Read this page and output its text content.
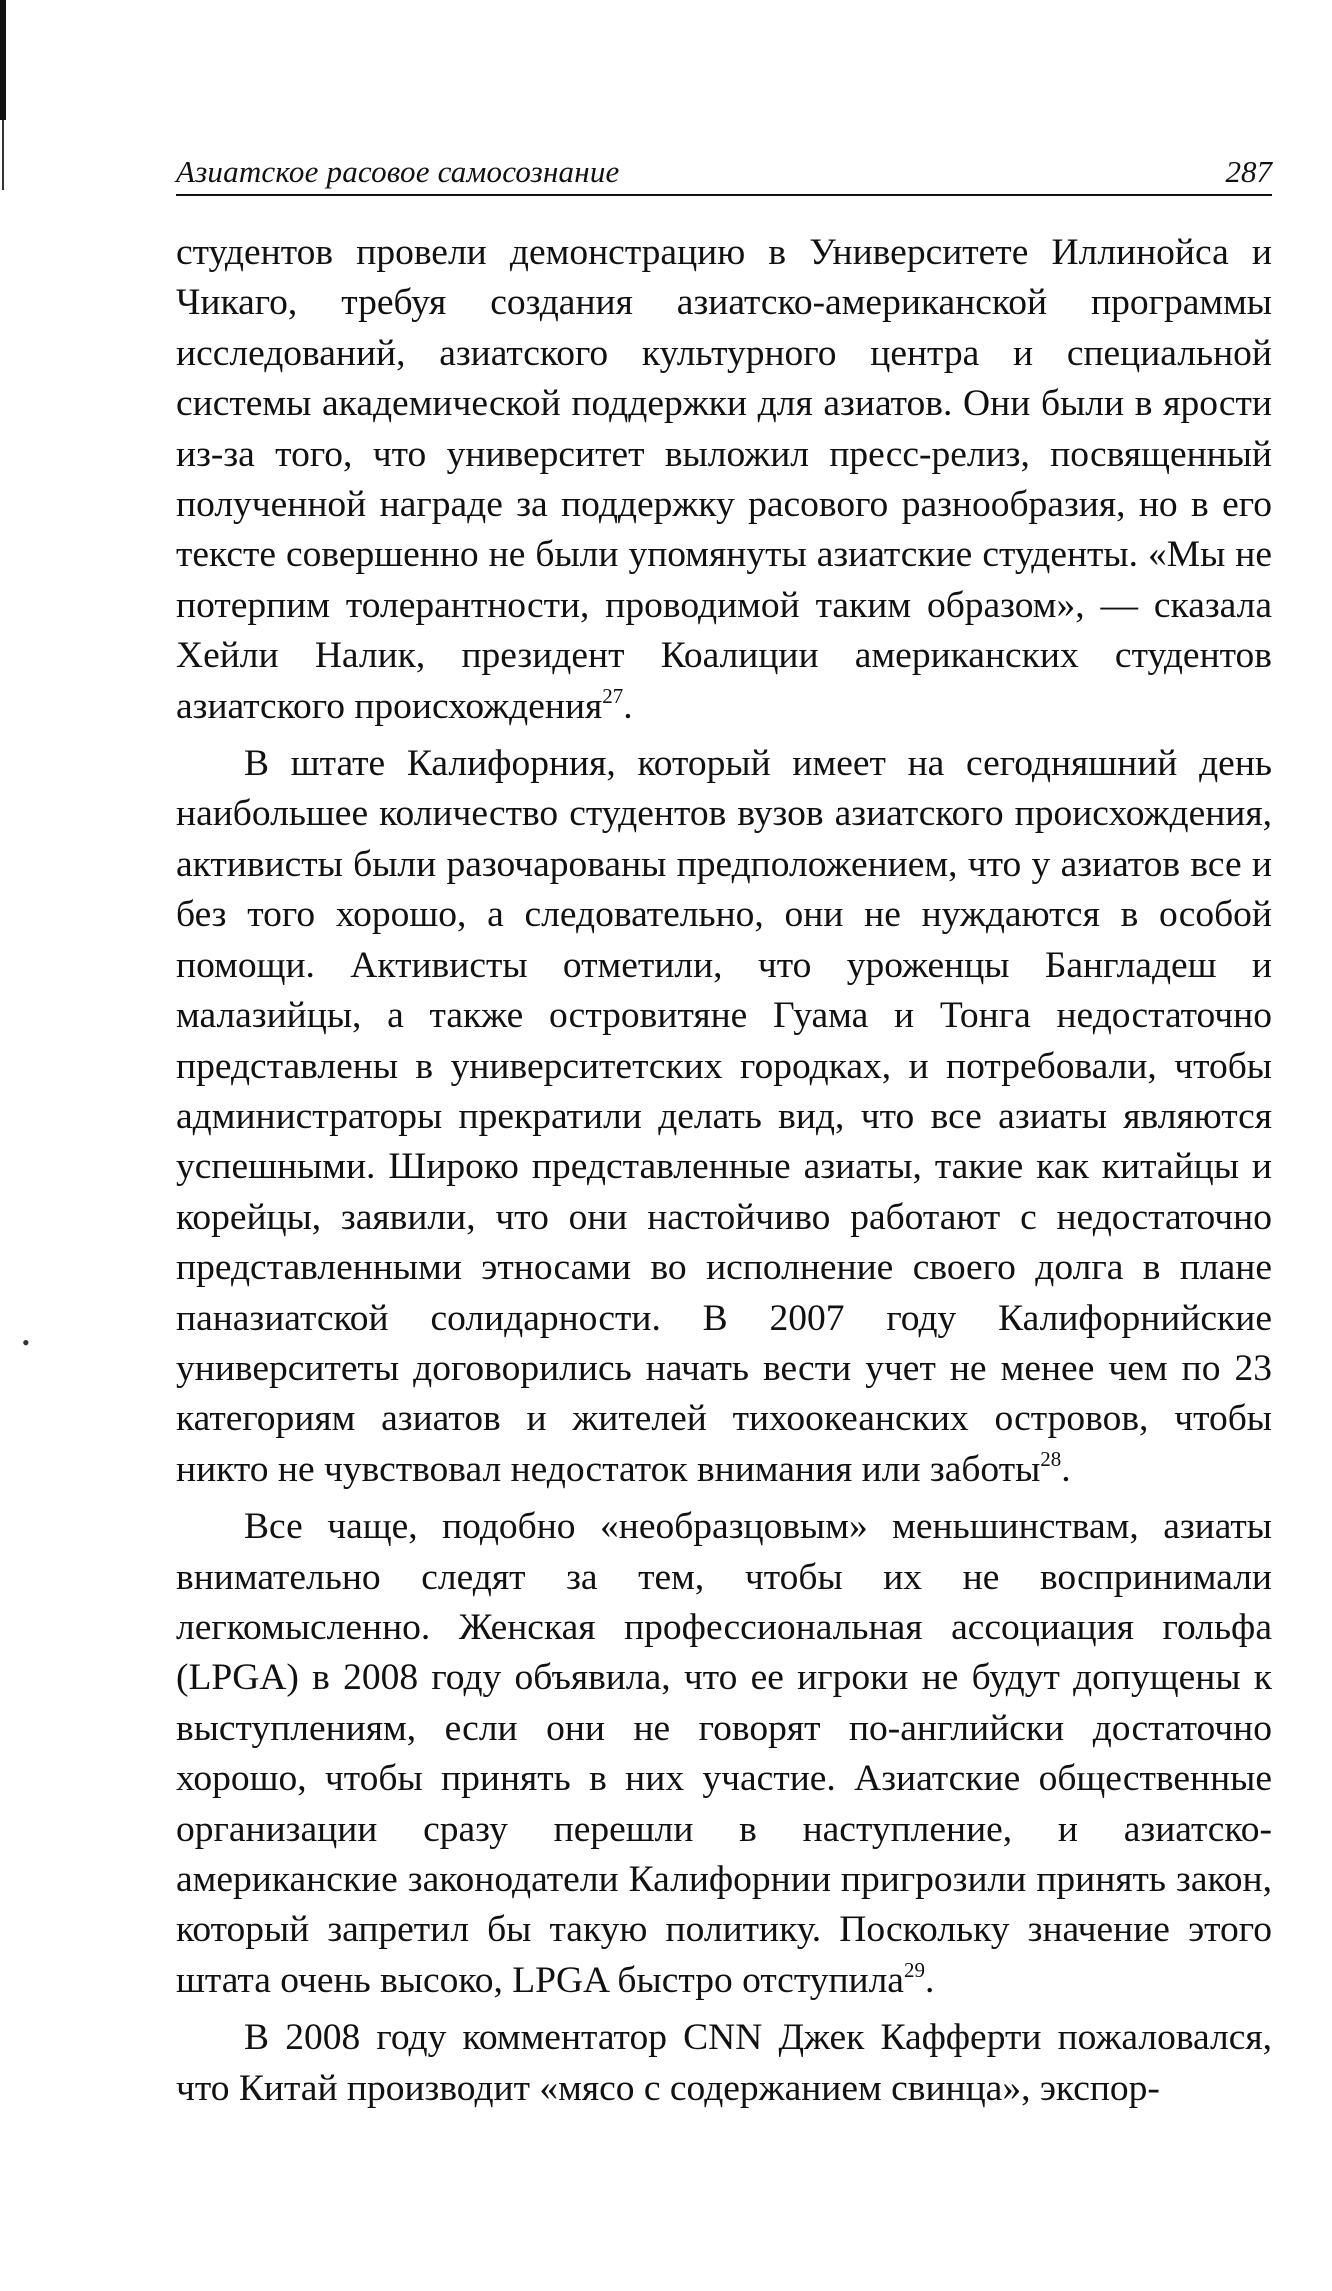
Азиатское расовое самосознание	287
•

студентов провели демонстрацию в Университете Иллинойса и Чикаго, требуя создания азиатско-американской программы исследований, азиатского культурного центра и специальной системы академической поддержки для азиатов. Они были в ярости из-за того, что университет выложил пресс-релиз, посвященный полученной награде за поддержку расового разнообразия, но в его тексте совершенно не были упомянуты азиатские студенты. «Мы не потерпим толерантности, проводимой таким образом», — сказала Хейли Налик, президент Коалиции американских студентов азиатского происхождения$^{27}$.

В штате Калифорния, который имеет на сегодняшний день наибольшее количество студентов вузов азиатского происхождения, активисты были разочарованы предположением, что у азиатов все и без того хорошо, а следовательно, они не нуждаются в особой помощи. Активисты отметили, что уроженцы Бангладеш и малазийцы, а также островитяне Гуама и Тонга недостаточно представлены в университетских городках, и потребовали, чтобы администраторы прекратили делать вид, что все азиаты являются успешными. Широко представленные азиаты, такие как китайцы и корейцы, заявили, что они настойчиво работают с недостаточно представленными этносами во исполнение своего долга в плане паназиатской солидарности. В 2007 году Калифорнийские университеты договорились начать вести учет не менее чем по 23 категориям азиатов и жителей тихоокеанских островов, чтобы никто не чувствовал недостаток внимания или заботы$^{28}$.

Все чаще, подобно «необразцовым» меньшинствам, азиаты внимательно следят за тем, чтобы их не воспринимали легкомысленно. Женская профессиональная ассоциация гольфа (LPGA) в 2008 году объявила, что ее игроки не будут допущены к выступлениям, если они не говорят по-английски достаточно хорошо, чтобы принять в них участие. Азиатские общественные организации сразу перешли в наступление, и азиатско-американские законодатели Калифорнии пригрозили принять закон, который запретил бы такую политику. Поскольку значение этого штата очень высоко, LPGA быстро отступила$^{29}$.

В 2008 году комментатор CNN Джек Кафферти пожаловался, что Китай производит «мясо с содержанием свинца», экспор-
